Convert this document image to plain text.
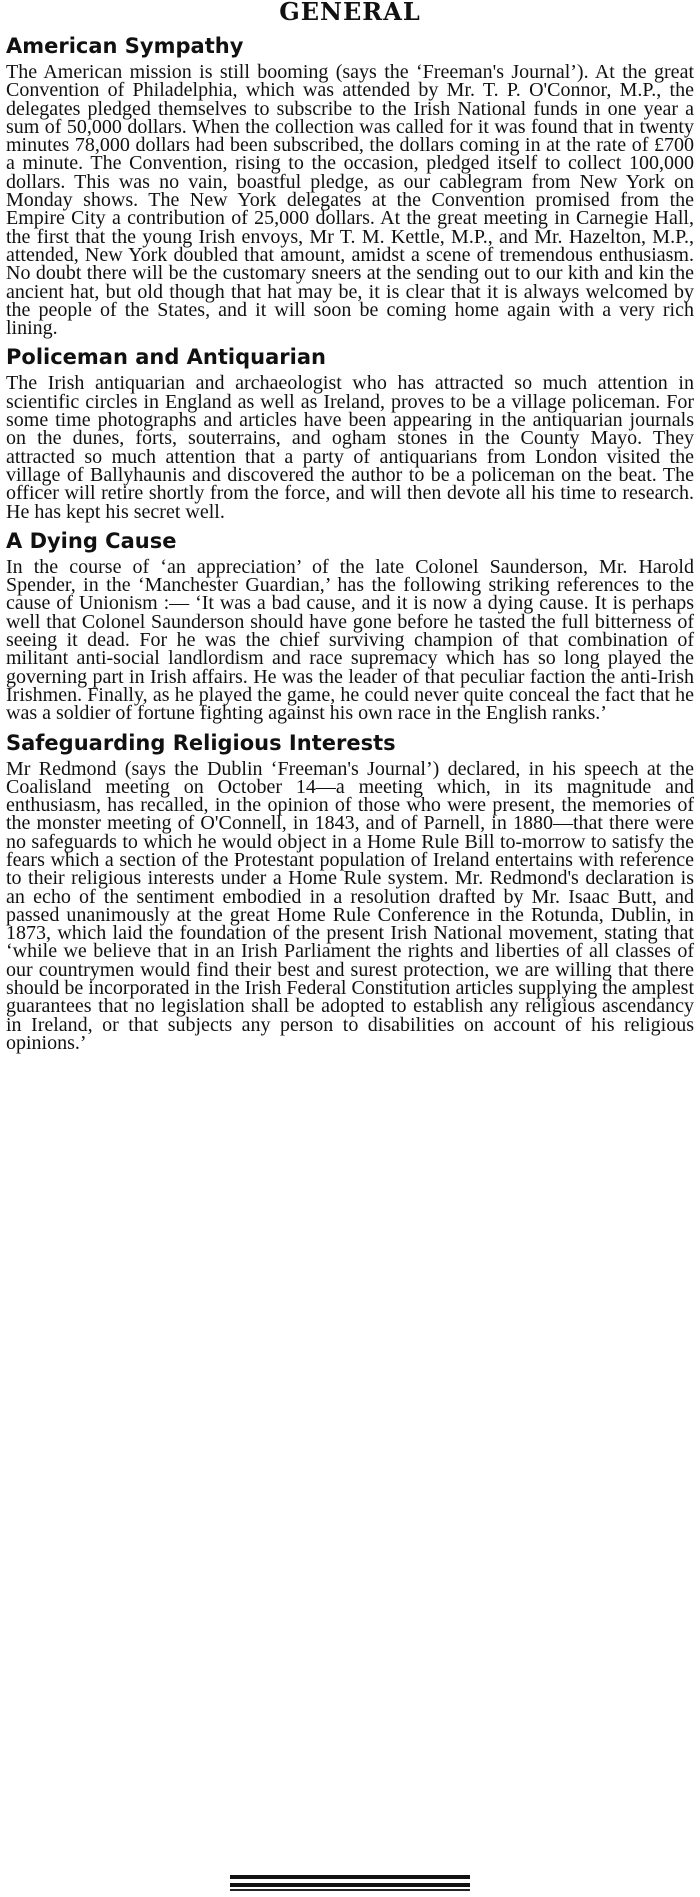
GENERAL
American Sympathy

The American mission is still booming (says the ‘Freeman's Journal’). At the great Convention of Philadelphia, which was attended by Mr. T. P. O'Connor, M.P., the delegates pledged themselves to subscribe to the Irish National funds in one year a sum of 50,000 dollars. When the collection was called for it was found that in twenty minutes 78,000 dollars had been subscribed, the dollars coming in at the rate of £700 a minute. The Convention, rising to the occasion, pledged itself to collect 100,000 dollars. This was no vain, boastful pledge, as our cablegram from New York on Monday shows. The New York delegates at the Convention promised from the Empire City a contribution of 25,000 dollars. At the great meeting in Carnegie Hall, the first that the young Irish envoys, Mr T. M. Kettle, M.P., and Mr. Hazelton, M.P., attended, New York doubled that amount, amidst a scene of tremendous enthusiasm. No doubt there will be the customary sneers at the sending out to our kith and kin the ancient hat, but old though that hat may be, it is clear that it is always welcomed by the people of the States, and it will soon be coming home again with a very rich lining.

Policeman and Antiquarian

The Irish antiquarian and archaeologist who has attracted so much attention in scientific circles in England as well as Ireland, proves to be a village policeman. For some time photographs and articles have been appearing in the antiquarian journals on the dunes, forts, souterrains, and ogham stones in the County Mayo. They attracted so much attention that a party of antiquarians from London visited the village of Ballyhaunis and discovered the author to be a policeman on the beat. The officer will retire shortly from the force, and will then devote all his time to research. He has kept his secret well.

A Dying Cause

In the course of ‘an appreciation’ of the late Colonel Saunderson, Mr. Harold Spender, in the ‘Manchester Guardian,’ has the following striking references to the cause of Unionism :— ‘It was a bad cause, and it is now a dying cause. It is perhaps well that Colonel Saunderson should have gone before he tasted the full bitterness of seeing it dead. For he was the chief surviving champion of that combination of militant anti-social landlordism and race supremacy which has so long played the governing part in Irish affairs. He was the leader of that peculiar faction the anti-Irish Irishmen. Finally, as he played the game, he could never quite conceal the fact that he was a soldier of fortune fighting against his own race in the English ranks.’

Safeguarding Religious Interests

Mr Redmond (says the Dublin ‘Freeman's Journal’) declared, in his speech at the Coalisland meeting on October 14—a meeting which, in its magnitude and enthusiasm, has recalled, in the opinion of those who were present, the memories of the monster meeting of O'Connell, in 1843, and of Parnell, in 1880—that there were no safeguards to which he would object in a Home Rule Bill to-morrow to satisfy the fears which a section of the Protestant population of Ireland entertains with reference to their religious interests under a Home Rule system. Mr. Redmond's declaration is an echo of the sentiment embodied in a resolution drafted by Mr. Isaac Butt, and passed unanimously at the great Home Rule Conference in the Rotunda, Dublin, in 1873, which laid the foundation of the present Irish National movement, stating that ‘while we believe that in an Irish Parliament the rights and liberties of all classes of our countrymen would find their best and surest protection, we are willing that there should be incorporated in the Irish Federal Constitution articles supplying the amplest guarantees that no legislation shall be adopted to establish any religious ascendancy in Ireland, or that subjects any person to disabilities on account of his religious opinions.’
